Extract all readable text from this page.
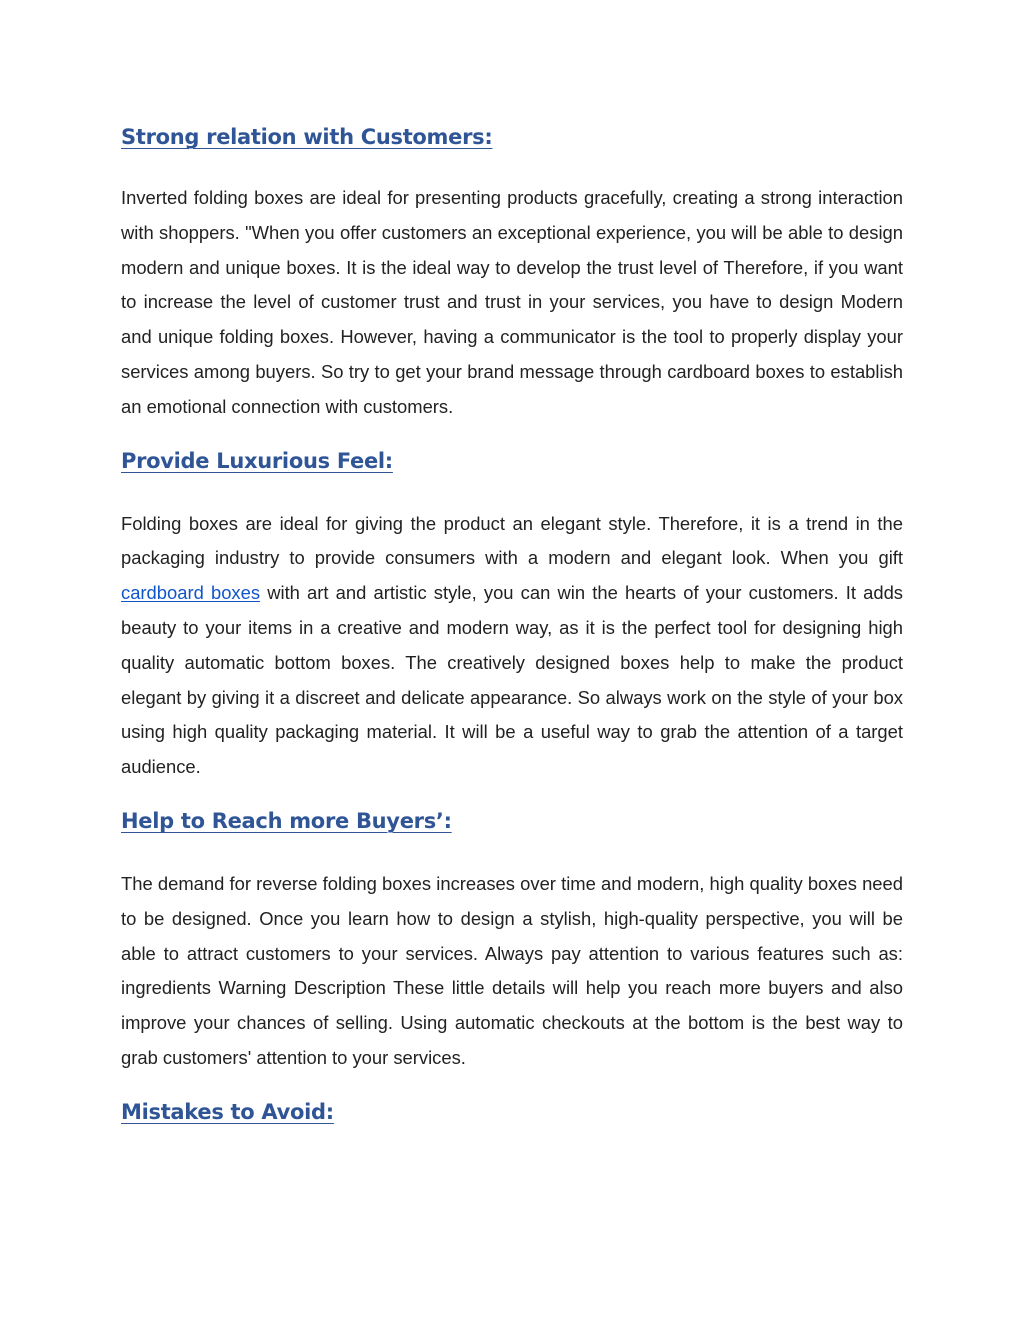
Strong relation with Customers:

Inverted folding boxes are ideal for presenting products gracefully, creating a strong interaction with shoppers. "When you offer customers an exceptional experience, you will be able to design modern and unique boxes. It is the ideal way to develop the trust level of Therefore, if you want to increase the level of customer trust and trust in your services, you have to design Modern and unique folding boxes. However, having a communicator is the tool to properly display your services among buyers. So try to get your brand message through cardboard boxes to establish an emotional connection with customers.

Provide Luxurious Feel:

Folding boxes are ideal for giving the product an elegant style. Therefore, it is a trend in the packaging industry to provide consumers with a modern and elegant look. When you gift cardboard boxes with art and artistic style, you can win the hearts of your customers. It adds beauty to your items in a creative and modern way, as it is the perfect tool for designing high quality automatic bottom boxes. The creatively designed boxes help to make the product elegant by giving it a discreet and delicate appearance. So always work on the style of your box using high quality packaging material. It will be a useful way to grab the attention of a target audience.

Help to Reach more Buyers’:

The demand for reverse folding boxes increases over time and modern, high quality boxes need to be designed. Once you learn how to design a stylish, high-quality perspective, you will be able to attract customers to your services. Always pay attention to various features such as: ingredients Warning Description These little details will help you reach more buyers and also improve your chances of selling. Using automatic checkouts at the bottom is the best way to grab customers' attention to your services.

Mistakes to Avoid:
